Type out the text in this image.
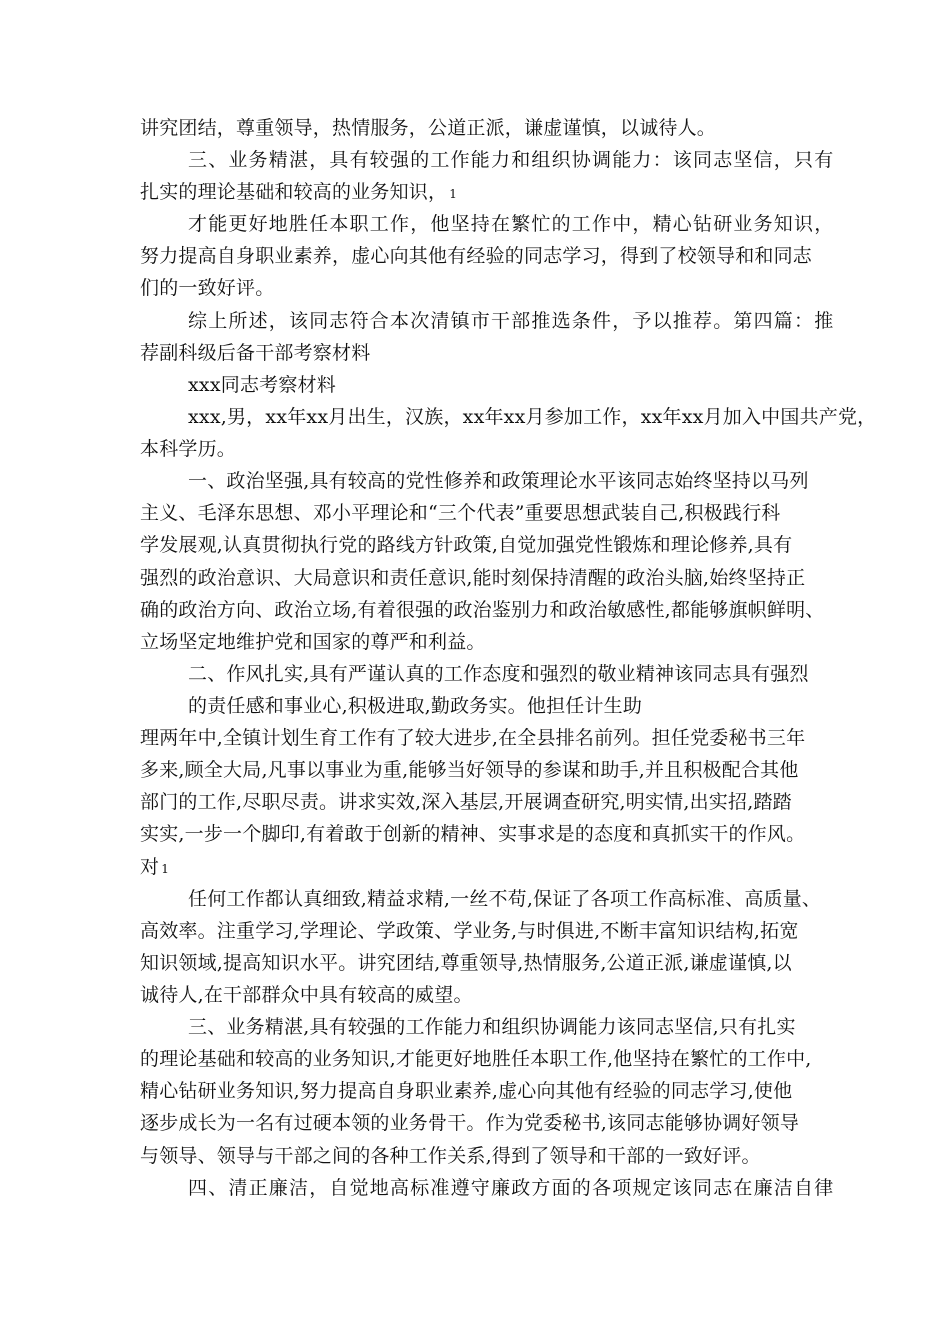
讲究团结，尊重领导，热情服务，公道正派，谦虚谨慎，以诚待人。
三、业务精湛，具有较强的工作能力和组织协调能力：该同志坚信，只有
扎实的理论基础和较高的业务知识， 1
才能更好地胜任本职工作，他坚持在繁忙的工作中，精心钻研业务知识，
努力提高自身职业素养，虚心向其他有经验的同志学习，得到了校领导和和同志
们的一致好评。
综上所述，该同志符合本次清镇市干部推选条件，予以推荐。第四篇：推
荐副科级后备干部考察材料
xxx同志考察材料
xxx,男，xx年xx月出生，汉族，xx年xx月参加工作，xx年xx月加入中国共产党，
本科学历。
一、政治坚强,具有较高的党性修养和政策理论水平该同志始终坚持以马列
主义、毛泽东思想、邓小平理论和“三个代表”重要思想武装自己,积极践行科
学发展观,认真贯彻执行党的路线方针政策,自觉加强党性锻炼和理论修养,具有
强烈的政治意识、大局意识和责任意识,能时刻保持清醒的政治头脑,始终坚持正
确的政治方向、政治立场,有着很强的政治鉴别力和政治敏感性,都能够旗帜鲜明、
立场坚定地维护党和国家的尊严和利益。
二、作风扎实,具有严谨认真的工作态度和强烈的敬业精神该同志具有强烈
的责任感和事业心,积极进取,勤政务实。他担任计生助
理两年中,全镇计划生育工作有了较大进步,在全县排名前列。担任党委秘书三年
多来,顾全大局,凡事以事业为重,能够当好领导的参谋和助手,并且积极配合其他
部门的工作,尽职尽责。讲求实效,深入基层,开展调查研究,明实情,出实招,踏踏
实实,一步一个脚印,有着敢于创新的精神、实事求是的态度和真抓实干的作风。
对 1
任何工作都认真细致,精益求精,一丝不苟,保证了各项工作高标准、高质量、
高效率。注重学习,学理论、学政策、学业务,与时俱进,不断丰富知识结构,拓宽
知识领域,提高知识水平。讲究团结,尊重领导,热情服务,公道正派,谦虚谨慎,以
诚待人,在干部群众中具有较高的威望。
三、业务精湛,具有较强的工作能力和组织协调能力该同志坚信,只有扎实
的理论基础和较高的业务知识,才能更好地胜任本职工作,他坚持在繁忙的工作中,
精心钻研业务知识,努力提高自身职业素养,虚心向其他有经验的同志学习,使他
逐步成长为一名有过硬本领的业务骨干。作为党委秘书,该同志能够协调好领导
与领导、领导与干部之间的各种工作关系,得到了领导和干部的一致好评。
四、清正廉洁，自觉地高标准遵守廉政方面的各项规定该同志在廉洁自律
